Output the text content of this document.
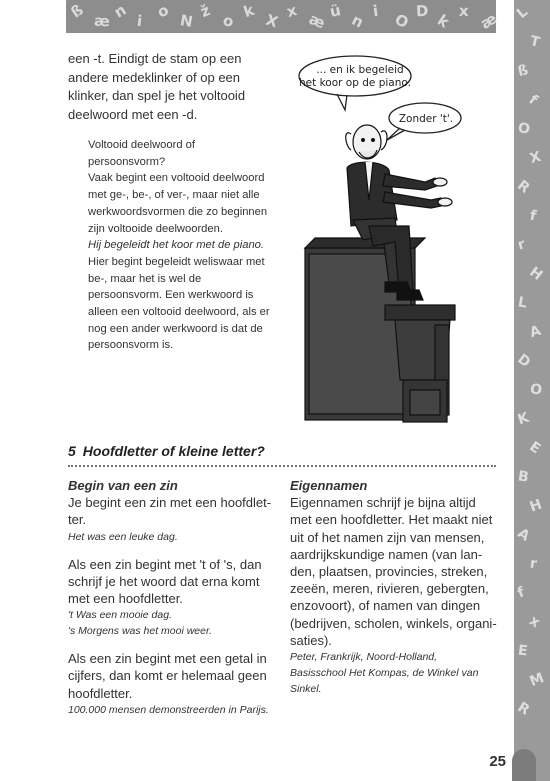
ß æ n i o N ž o k X x æ ü n i O D k x æ L
T
ß
f
O
X
R
f
r
H
L
A
D
O
K
E
B
H
A
r
f
x
E
M
R
25
een -t. Eindigt de stam op een
andere medeklinker of op een
klinker, dan spel je het voltooid
deelwoord met een -d.
Voltooid deelwoord of
persoonsvorm?
Vaak begint een voltooid deelwoord
met ge-, be-, of ver-, maar niet alle
werkwoordsvormen die zo beginnen
zijn voltooide deelwoorden.
Hij begeleidt het koor met de piano.
Hier begint begeleidt weliswaar met
be-, maar het is wel de
persoonsvorm. Een werkwoord is
alleen een voltooid deelwoord, als er
nog een ander werkwoord is dat de
persoonsvorm is.
... en ik begeleid
het koor op de piano.
Zonder 't'.
5 Hoofdletter of kleine letter?
Begin van een zin
Je begint een zin met een hoofdlet-
ter.
Het was een leuke dag.
Als een zin begint met 't of 's, dan
schrijf je het woord dat erna komt
met een hoofdletter.
't Was een mooie dag.
's Morgens was het mooi weer.
Als een zin begint met een getal in
cijfers, dan komt er helemaal geen
hoofdletter.
100.000 mensen demonstreerden in Parijs.
Eigennamen
Eigennamen schrijf je bijna altijd
met een hoofdletter. Het maakt niet
uit of het namen zijn van mensen,
aardrijkskundige namen (van lan-
den, plaatsen, provincies, streken,
zeeën, meren, rivieren, gebergten,
enzovoort), of namen van dingen
(bedrijven, scholen, winkels, organi-
saties).
Peter, Frankrijk, Noord-Holland,
Basisschool Het Kompas, de Winkel van
Sinkel.
